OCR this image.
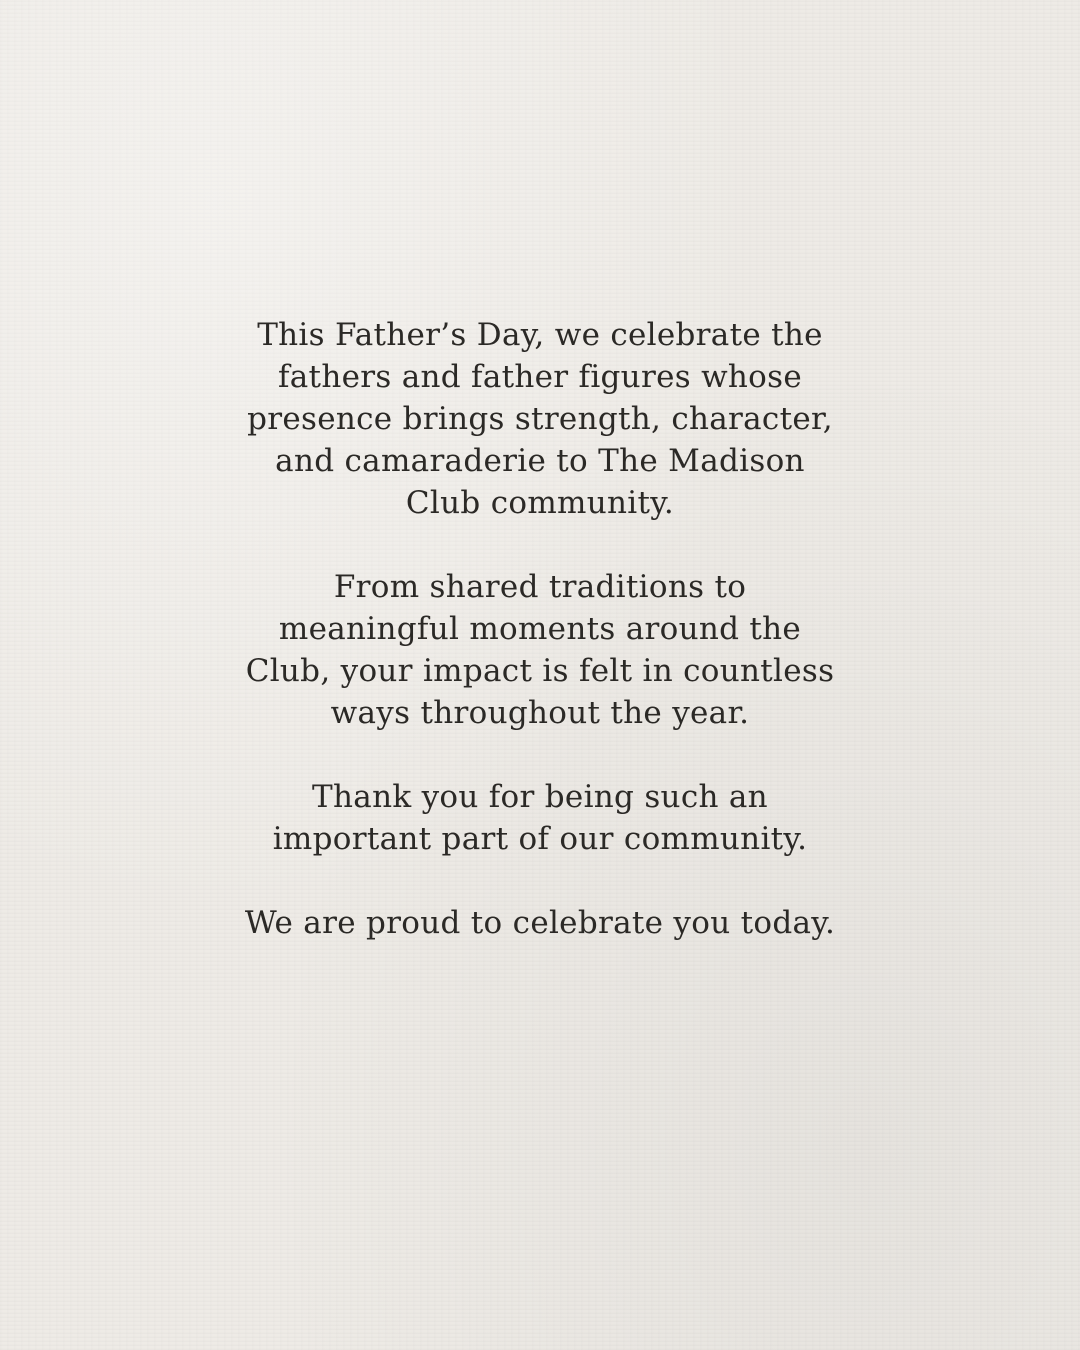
This Father’s Day, we celebrate the fathers and father figures whose presence brings strength, character, and camaraderie to The Madison Club community.

From shared traditions to meaningful moments around the Club, your impact is felt in countless ways throughout the year.

Thank you for being such an important part of our community.

We are proud to celebrate you today.
